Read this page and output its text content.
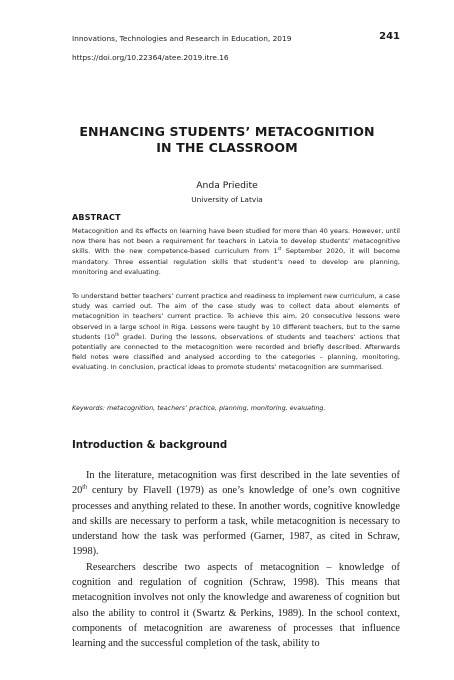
Innovations, Technologies and Research in Education, 2019	241
https://doi.org/10.22364/atee.2019.itre.16
ENHANCING STUDENTS’ METACOGNITION
IN THE CLASSROOM
Anda Priedite
University of Latvia
ABSTRACT

Metacognition and its effects on learning have been studied for more than 40 years. However, until now there has not been a requirement for teachers in Latvia to develop students’ metacognitive skills. With the new competence-based curriculum from 1st September 2020, it will become mandatory. Three essential regulation skills that student’s need to develop are planning, monitoring and evaluating.

To understand better teachers’ current practice and readiness to implement new curriculum, a case study was carried out. The aim of the case study was to collect data about elements of metacognition in teachers’ current practice. To achieve this aim, 20 consecutive lessons were observed in a large school in Riga. Lessons were taught by 10 different teachers, but to the same students (10th grade). During the lessons, observations of students and teachers’ actions that potentially are connected to the metacognition were recorded and briefly described. Afterwards field notes were classified and analysed according to the categories – planning, monitoring, evaluating. In conclusion, practical ideas to promote students’ metacognition are summarised.

Keywords: metacognition, teachers’ practice, planning, monitoring, evaluating.
Introduction & background

In the literature, metacognition was first described in the late seventies of 20th century by Flavell (1979) as one’s knowledge of one’s own cognitive processes and anything related to these. In another words, cognitive knowledge and skills are necessary to perform a task, while metacognition is necessary to understand how the task was performed (Garner, 1987, as cited in Schraw, 1998).

Researchers describe two aspects of metacognition – knowledge of cognition and regulation of cognition (Schraw, 1998). This means that metacognition involves not only the knowledge and awareness of cognition but also the ability to control it (Swartz & Perkins, 1989). In the school context, components of metacognition are awareness of processes that influence learning and the successful completion of the task, ability to
